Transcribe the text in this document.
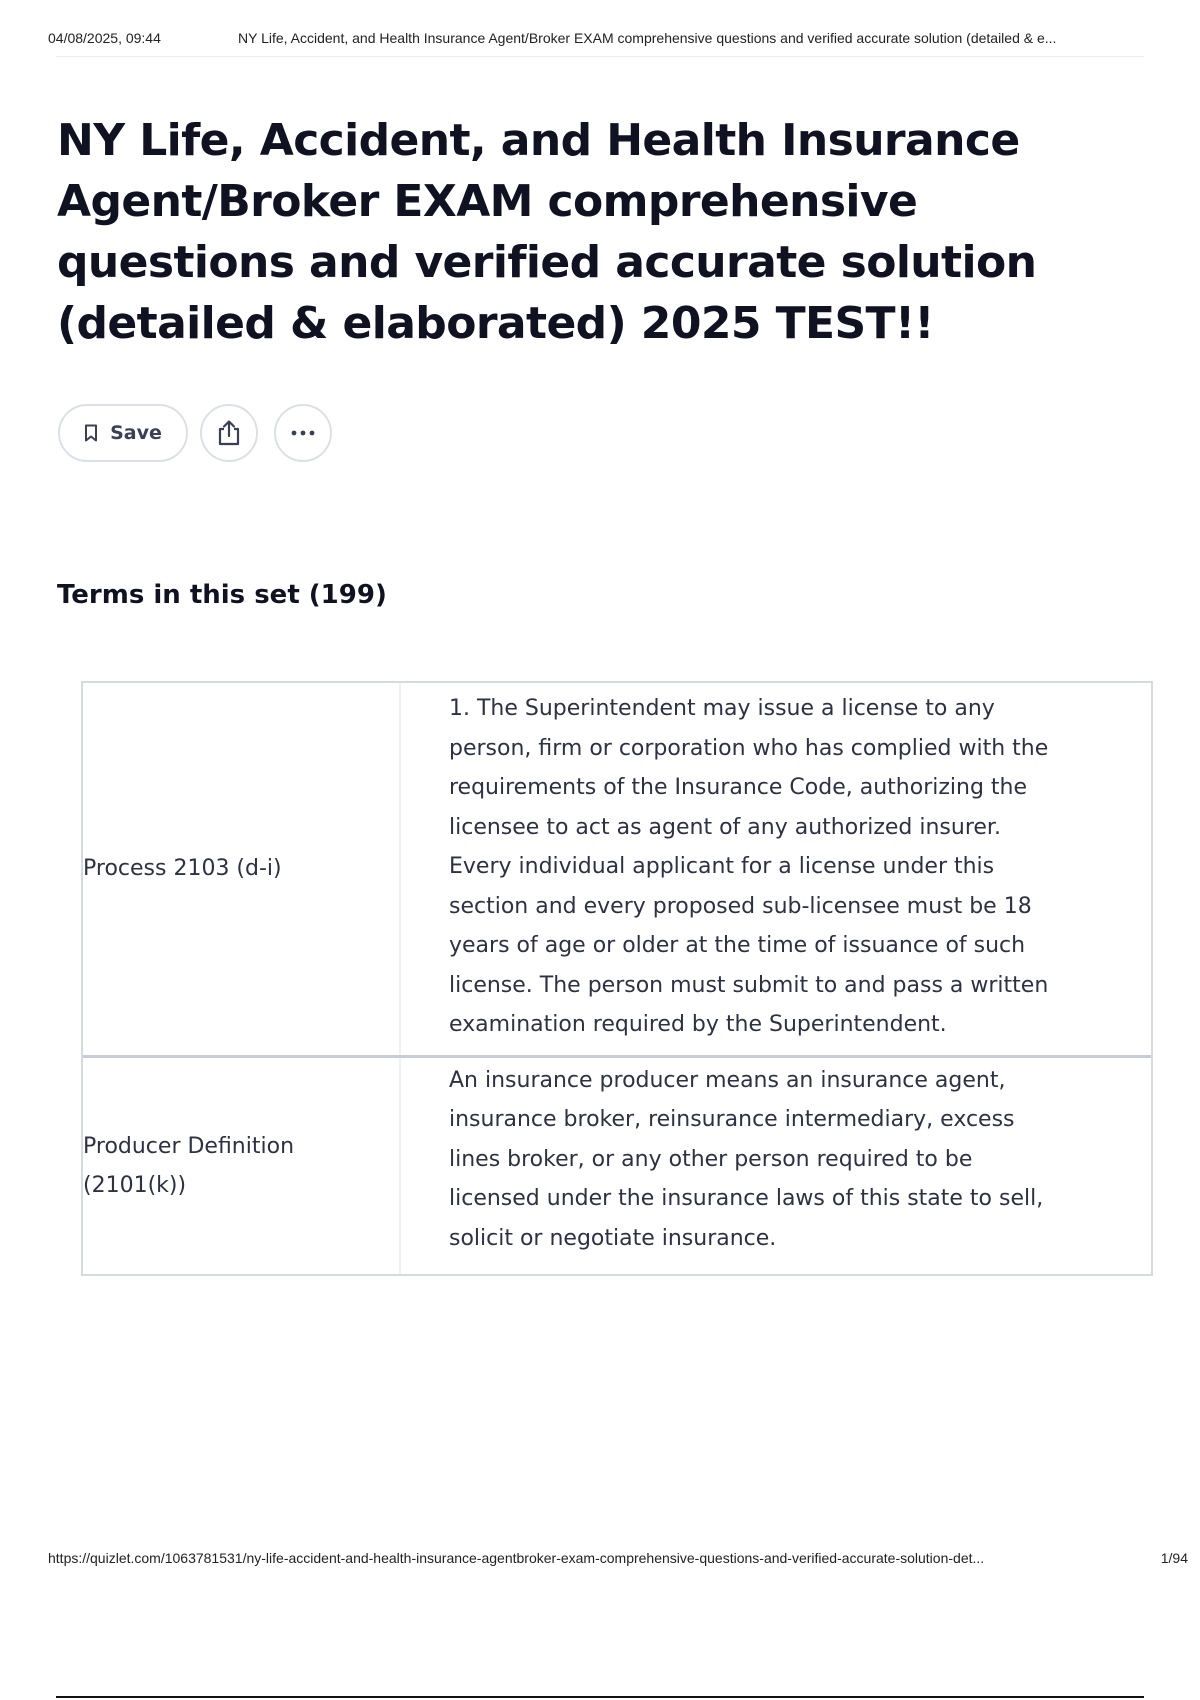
04/08/2025, 09:44	NY Life, Accident, and Health Insurance Agent/Broker EXAM comprehensive questions and verified accurate solution (detailed & e...
NY Life, Accident, and Health Insurance Agent/Broker EXAM comprehensive questions and verified accurate solution (detailed & elaborated) 2025 TEST!!
Save
Terms in this set (199)
Process 2103 (d-i)
1. The Superintendent may issue a license to any person, firm or corporation who has complied with the requirements of the Insurance Code, authorizing the licensee to act as agent of any authorized insurer. Every individual applicant for a license under this section and every proposed sub-licensee must be 18 years of age or older at the time of issuance of such license. The person must submit to and pass a written examination required by the Superintendent.
Producer Definition (2101(k))
An insurance producer means an insurance agent, insurance broker, reinsurance intermediary, excess lines broker, or any other person required to be licensed under the insurance laws of this state to sell, solicit or negotiate insurance.
https://quizlet.com/1063781531/ny-life-accident-and-health-insurance-agentbroker-exam-comprehensive-questions-and-verified-accurate-solution-det...	1/94
